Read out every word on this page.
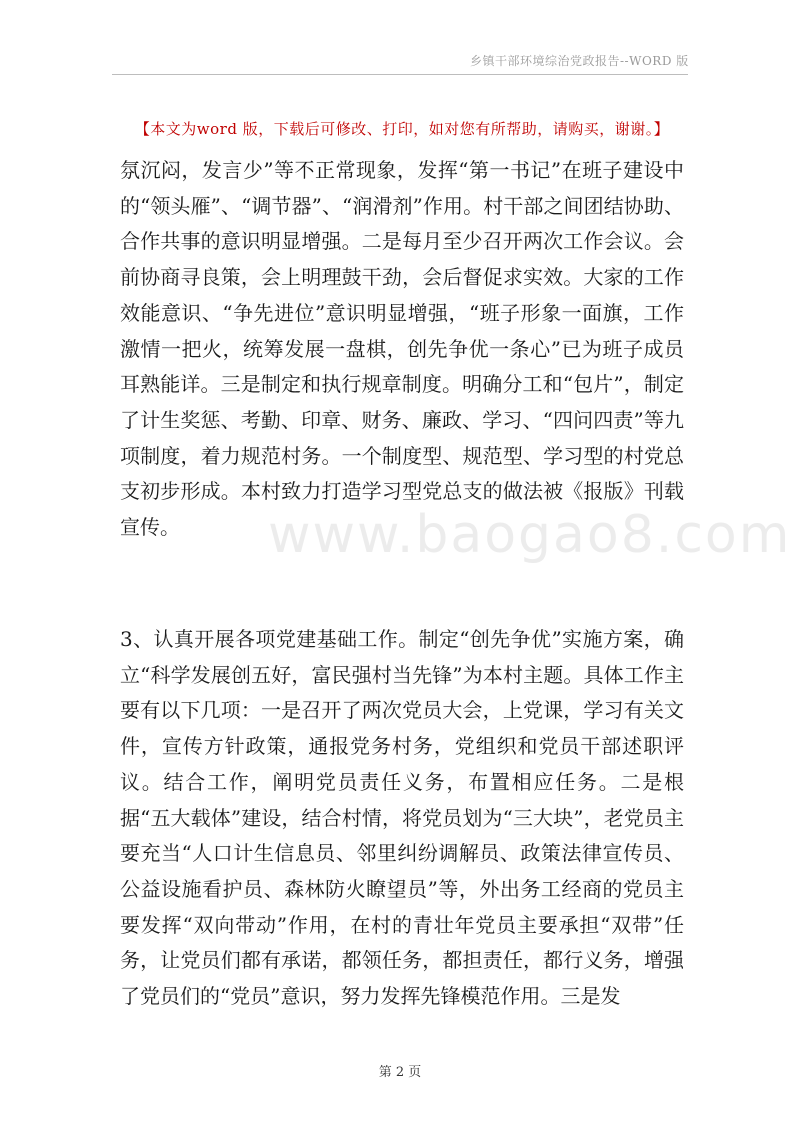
乡镇干部环境综治党政报告--WORD 版
【本文为word 版，下载后可修改、打印，如对您有所帮助，请购买，谢谢。】
www.baogao8.com

氛沉闷，发言少”等不正常现象，发挥“第一书记”在班子建设中的“领头雁”、“调节器”、“润滑剂”作用。村干部之间团结协助、合作共事的意识明显增强。二是每月至少召开两次工作会议。会前协商寻良策，会上明理鼓干劲，会后督促求实效。大家的工作效能意识、“争先进位”意识明显增强，“班子形象一面旗，工作激情一把火，统筹发展一盘棋，创先争优一条心”已为班子成员耳熟能详。三是制定和执行规章制度。明确分工和“包片”，制定了计生奖惩、考勤、印章、财务、廉政、学习、“四问四责”等九项制度，着力规范村务。一个制度型、规范型、学习型的村党总支初步形成。本村致力打造学习型党总支的做法被《报版》刊载宣传。

3、认真开展各项党建基础工作。制定“创先争优”实施方案，确立“科学发展创五好，富民强村当先锋”为本村主题。具体工作主要有以下几项：一是召开了两次党员大会，上党课，学习有关文件，宣传方针政策，通报党务村务，党组织和党员干部述职评议。结合工作，阐明党员责任义务，布置相应任务。二是根据“五大载体”建设，结合村情，将党员划为“三大块”，老党员主要充当“人口计生信息员、邻里纠纷调解员、政策法律宣传员、公益设施看护员、森林防火瞭望员”等，外出务工经商的党员主要发挥“双向带动”作用，在村的青壮年党员主要承担“双带”任务，让党员们都有承诺，都领任务，都担责任，都行义务，增强了党员们的“党员”意识，努力发挥先锋模范作用。三是发

第 2 页
